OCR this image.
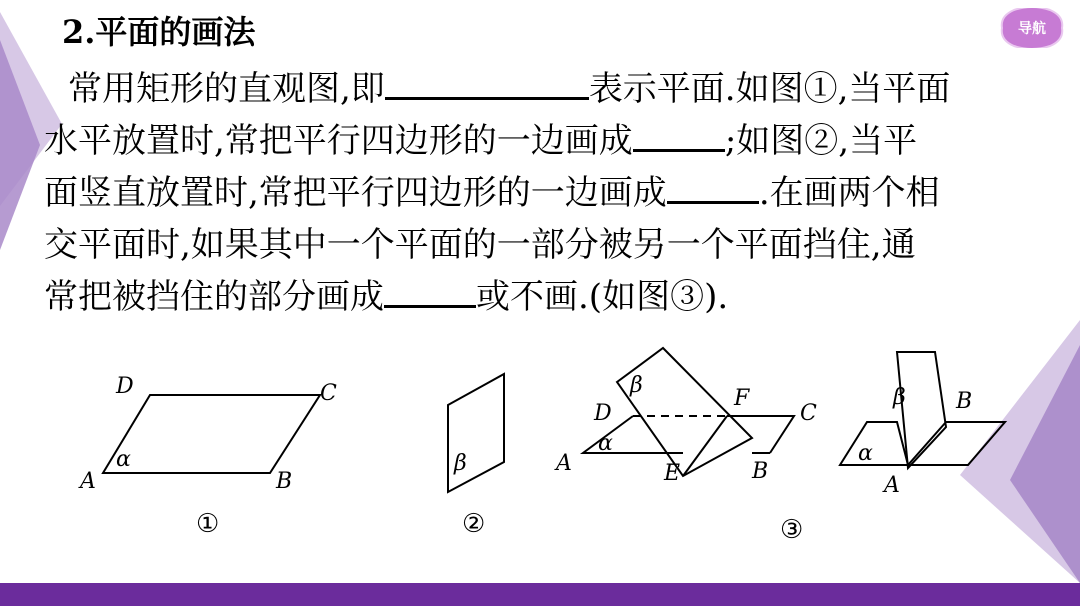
导航
2.平面的画法
常用矩形的直观图,即	表示平面.如图①,当平面
水平放置时,常把平行四边形的一边画成	;如图②,当平
面竖直放置时,常把平行四边形的一边画成	.在画两个相
交平面时,如果其中一个平面的一部分被另一个平面挡住,通
常把被挡住的部分画成	或不画.(如图③).
D	C
A	B
α
①
β
②
β
D
F
C
α
A	E	B
③
β B
α
A
